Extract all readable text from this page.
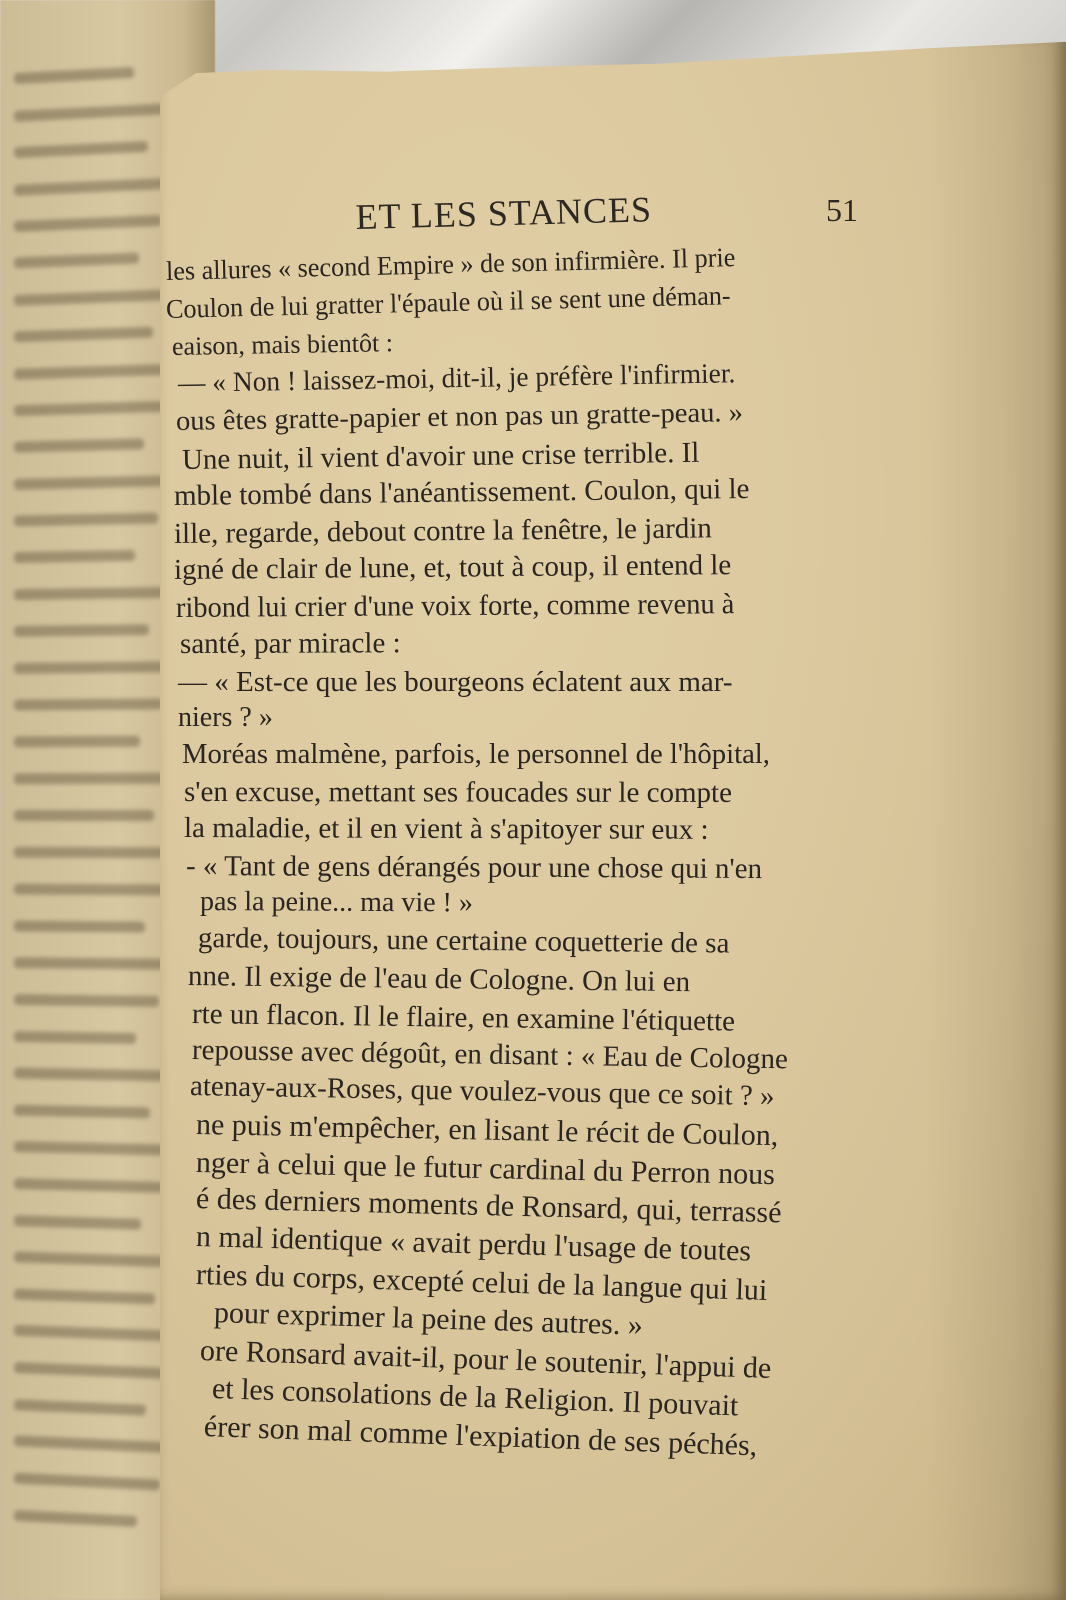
ET LES STANCES	51
les allures « second Empire » de son infirmière. Il prie
Coulon de lui gratter l'épaule où il se sent une déman-
eaison, mais bientôt :
— « Non ! laissez-moi, dit-il, je préfère l'infirmier.
ous êtes gratte-papier et non pas un gratte-peau. »
Une nuit, il vient d'avoir une crise terrible. Il
mble tombé dans l'anéantissement. Coulon, qui le
ille, regarde, debout contre la fenêtre, le jardin
igné de clair de lune, et, tout à coup, il entend le
ribond lui crier d'une voix forte, comme revenu à
santé, par miracle :
— « Est-ce que les bourgeons éclatent aux mar-
niers ? »
Moréas malmène, parfois, le personnel de l'hôpital,
s'en excuse, mettant ses foucades sur le compte
la maladie, et il en vient à s'apitoyer sur eux :
- « Tant de gens dérangés pour une chose qui n'en
pas la peine... ma vie ! »
garde, toujours, une certaine coquetterie de sa
nne. Il exige de l'eau de Cologne. On lui en
rte un flacon. Il le flaire, en examine l'étiquette
repousse avec dégoût, en disant : « Eau de Cologne
atenay-aux-Roses, que voulez-vous que ce soit ? »
ne puis m'empêcher, en lisant le récit de Coulon,
nger à celui que le futur cardinal du Perron nous
é des derniers moments de Ronsard, qui, terrassé
n mal identique « avait perdu l'usage de toutes
rties du corps, excepté celui de la langue qui lui
pour exprimer la peine des autres. »
ore Ronsard avait-il, pour le soutenir, l'appui de
et les consolations de la Religion. Il pouvait
érer son mal comme l'expiation de ses péchés,
